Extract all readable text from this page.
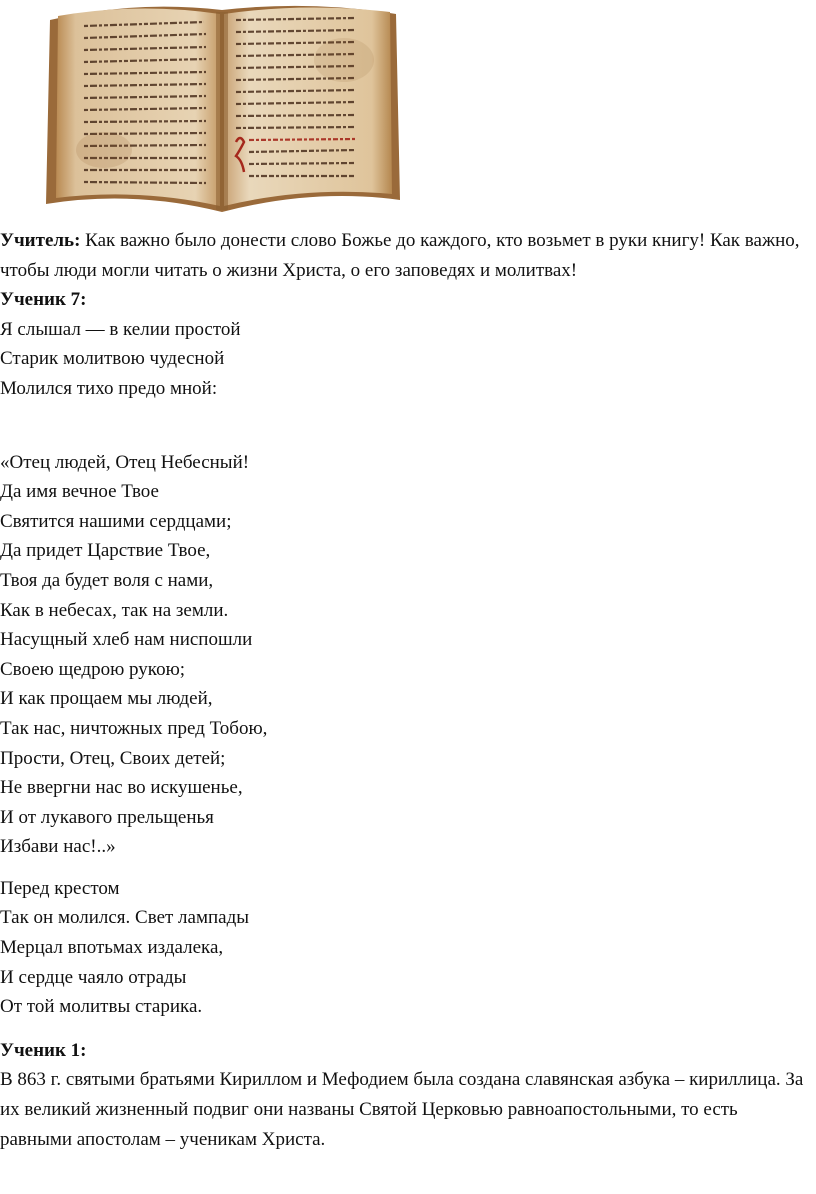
Учитель: Как важно было донести слово Божье до каждого, кто возьмет в руки книгу! Как важно, чтобы люди могли читать о жизни Христа, о его заповедях и молитвах!
Ученик 7:
Я слышал — в келии простой
Старик молитвою чудесной
Молился тихо предо мной:
«Отец людей, Отец Небесный!
Да имя вечное Твое
Святится нашими сердцами;
Да придет Царствие Твое,
Твоя да будет воля с нами,
Как в небесах, так на земли.
Насущный хлеб нам ниспошли
Своею щедрою рукою;
И как прощаем мы людей,
Так нас, ничтожных пред Тобою,
Прости, Отец, Своих детей;
Не ввергни нас во искушенье,
И от лукавого прельщенья
Избави нас!..»
Перед крестом
Так он молился. Свет лампады
Мерцал впотьмах издалека,
И сердце чаяло отрады
От той молитвы старика.
Ученик 1:
В 863 г. святыми братьями Кириллом и Мефодием была создана славянская азбука – кириллица. За их великий жизненный подвиг они названы Святой Церковью равноапостольными, то есть равными апостолам – ученикам Христа.
